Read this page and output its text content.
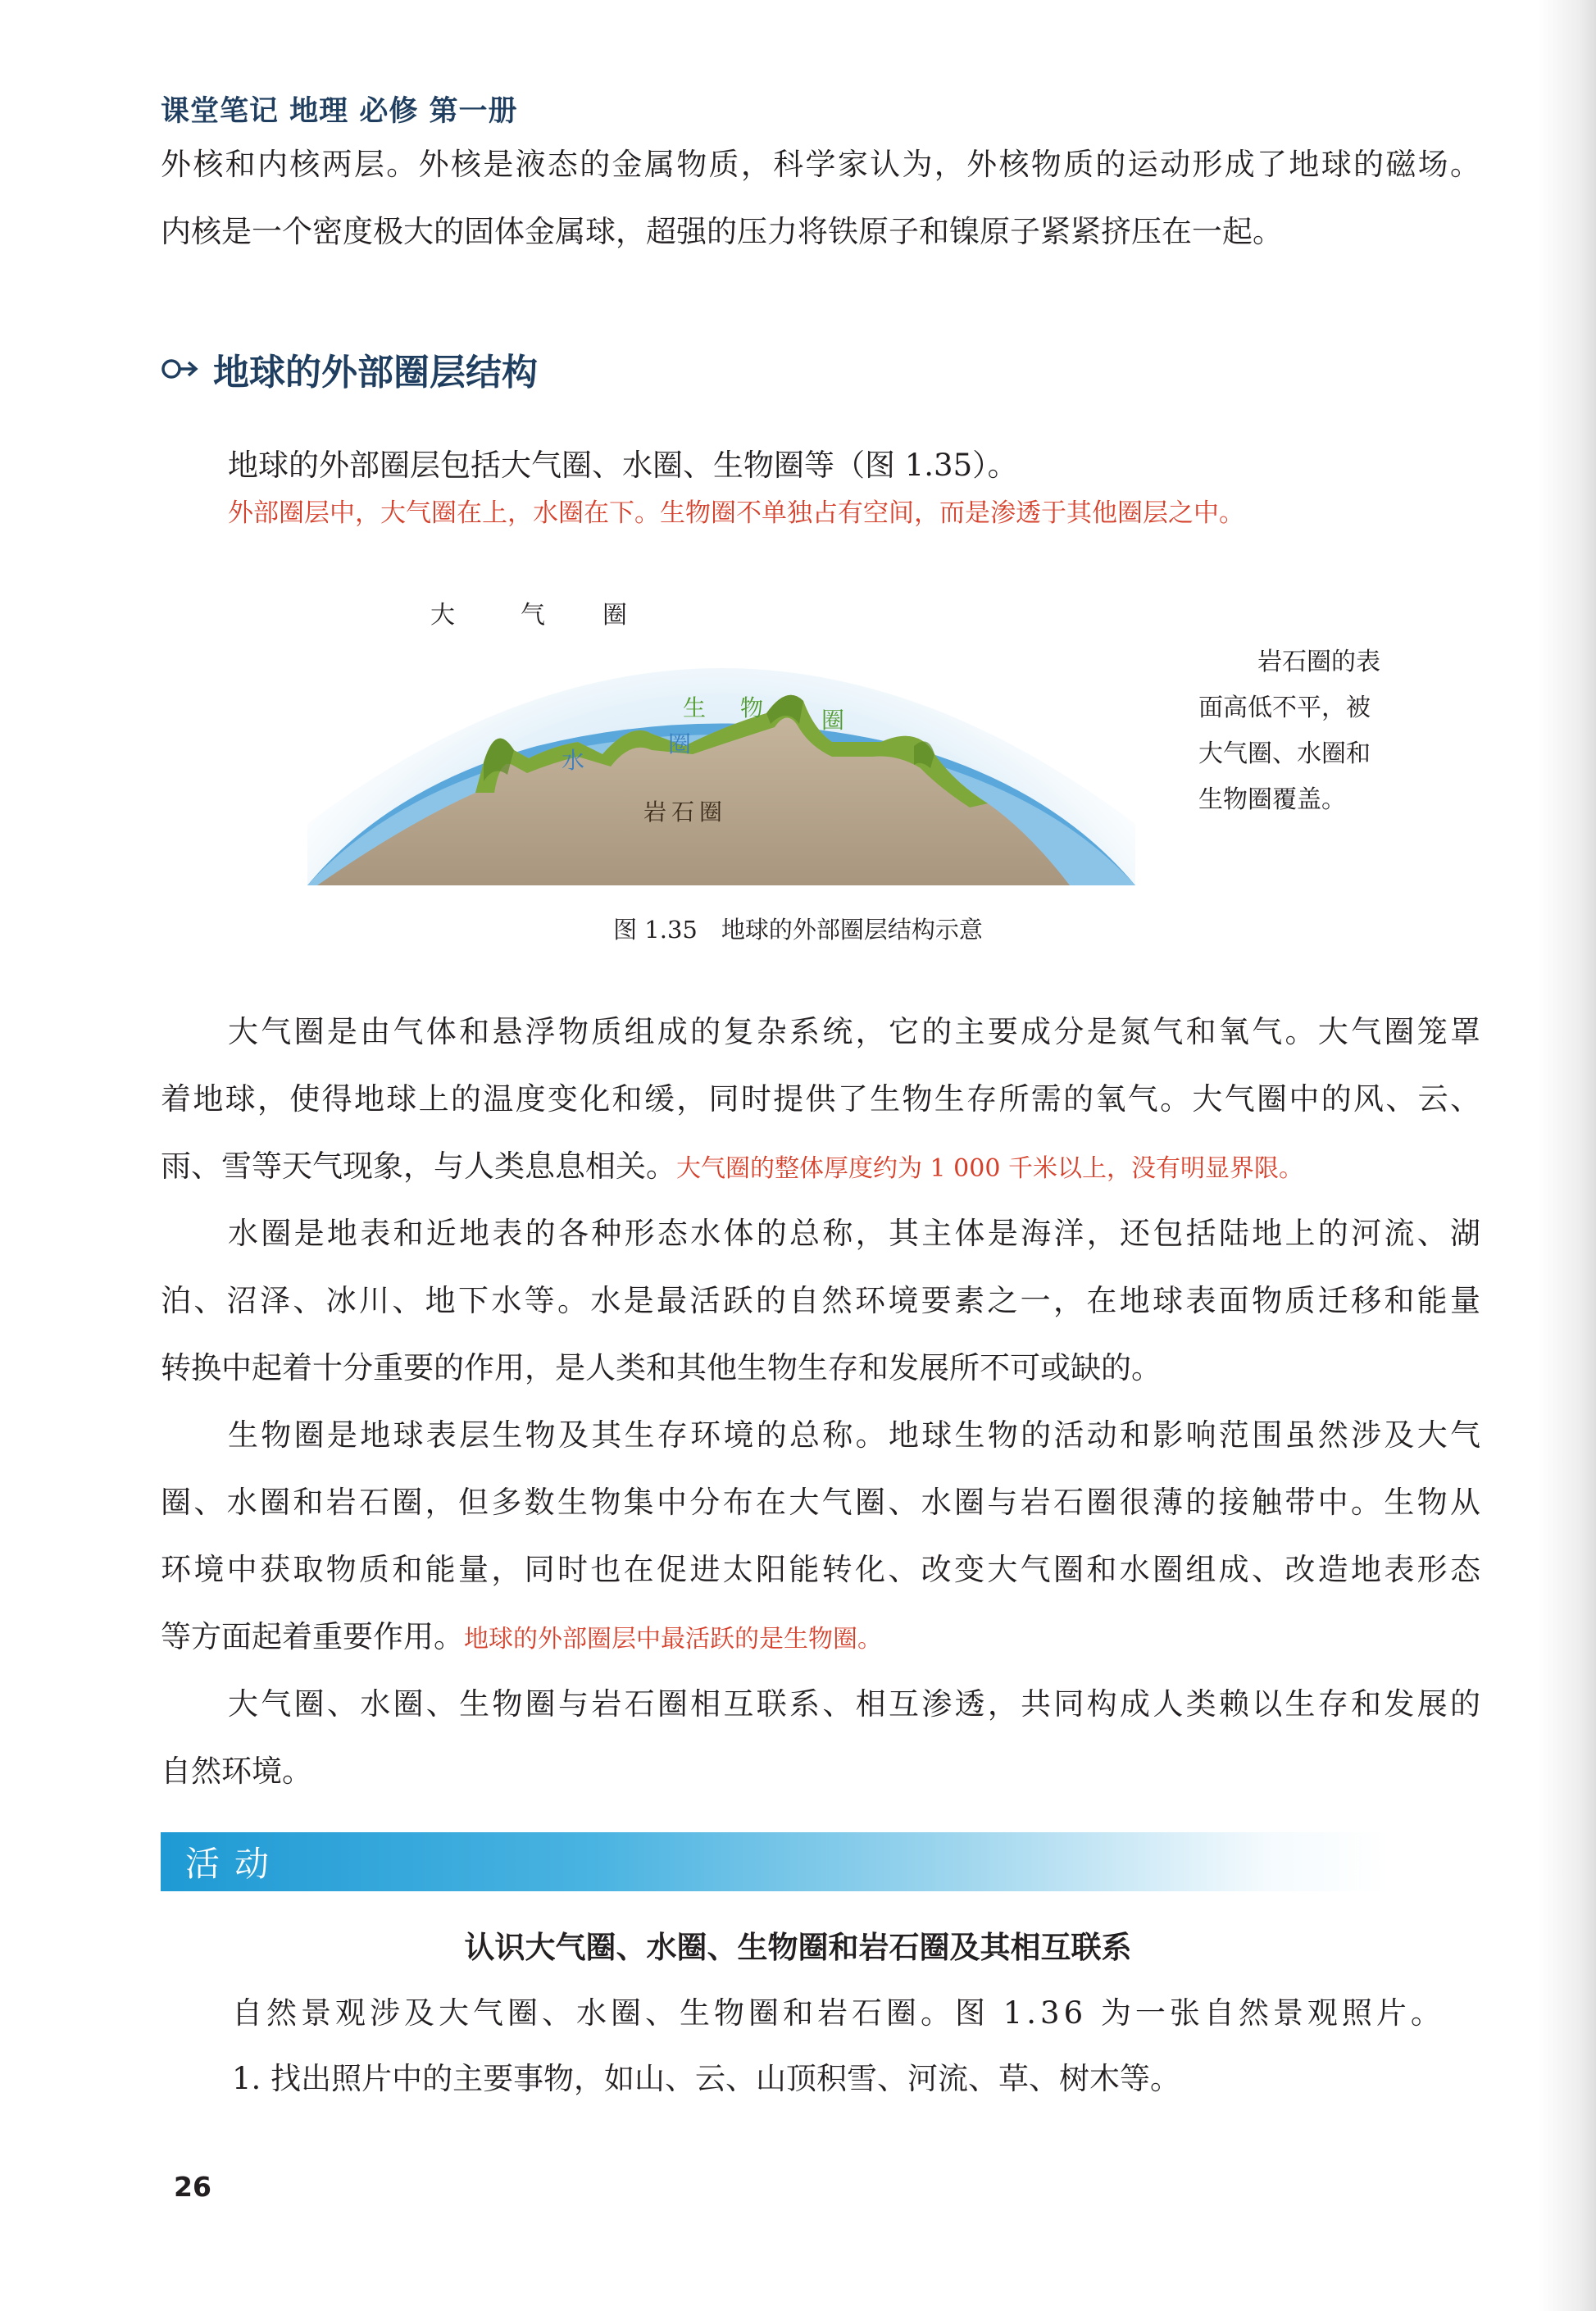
课堂笔记 地理 必修 第一册

外核和内核两层。外核是液态的金属物质，科学家认为，外核物质的运动形成了地球的磁场。

内核是一个密度极大的固体金属球，超强的压力将铁原子和镍原子紧紧挤压在一起。

地球的外部圈层结构
地球的外部圈层包括大气圈、水圈、生物圈等（图 1.35）。
外部圈层中，大气圈在上，水圈在下。生物圈不单独占有空间，而是渗透于其他圈层之中。
大	气 圈
生 物	圈
水
圈
岩石圈
岩石圈的表
面高低不平，被
大气圈、水圈和
生物圈覆盖。
图 1.35　地球的外部圈层结构示意

大气圈是由气体和悬浮物质组成的复杂系统，它的主要成分是氮气和氧气。大气圈笼罩

着地球，使得地球上的温度变化和缓，同时提供了生物生存所需的氧气。大气圈中的风、云、

雨、雪等天气现象，与人类息息相关。大气圈的整体厚度约为 1 000 千米以上，没有明显界限。

水圈是地表和近地表的各种形态水体的总称，其主体是海洋，还包括陆地上的河流、湖

泊、沼泽、冰川、地下水等。水是最活跃的自然环境要素之一，在地球表面物质迁移和能量

转换中起着十分重要的作用，是人类和其他生物生存和发展所不可或缺的。

生物圈是地球表层生物及其生存环境的总称。地球生物的活动和影响范围虽然涉及大气

圈、水圈和岩石圈，但多数生物集中分布在大气圈、水圈与岩石圈很薄的接触带中。生物从

环境中获取物质和能量，同时也在促进太阳能转化、改变大气圈和水圈组成、改造地表形态

等方面起着重要作用。地球的外部圈层中最活跃的是生物圈。

大气圈、水圈、生物圈与岩石圈相互联系、相互渗透，共同构成人类赖以生存和发展的

自然环境。

活动
认识大气圈、水圈、生物圈和岩石圈及其相互联系
自然景观涉及大气圈、水圈、生物圈和岩石圈。图 1.36 为一张自然景观照片。
1. 找出照片中的主要事物，如山、云、山顶积雪、河流、草、树木等。
26
